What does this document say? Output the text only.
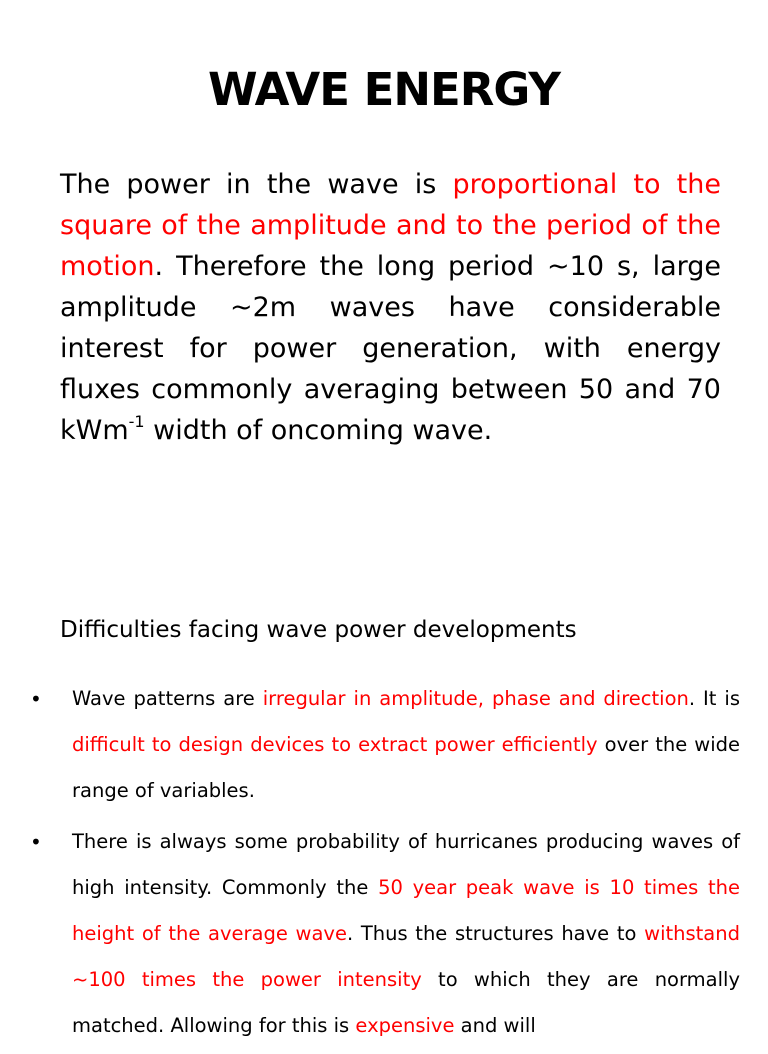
WAVE ENERGY

The power in the wave is proportional to the square of the amplitude and to the period of the motion. Therefore the long period ~10 s, large amplitude ~2m waves have considerable interest for power generation, with energy fluxes commonly averaging between 50 and 70 kWm$^{-1}$ width of oncoming wave.

Difficulties facing wave power developments

• Wave patterns are irregular in amplitude, phase and direction. It is difficult to design devices to extract power efficiently over the wide range of variables.
• There is always some probability of hurricanes producing waves of high intensity. Commonly the 50 year peak wave is 10 times the height of the average wave. Thus the structures have to withstand ~100 times the power intensity to which they are normally matched. Allowing for this is expensive and will
